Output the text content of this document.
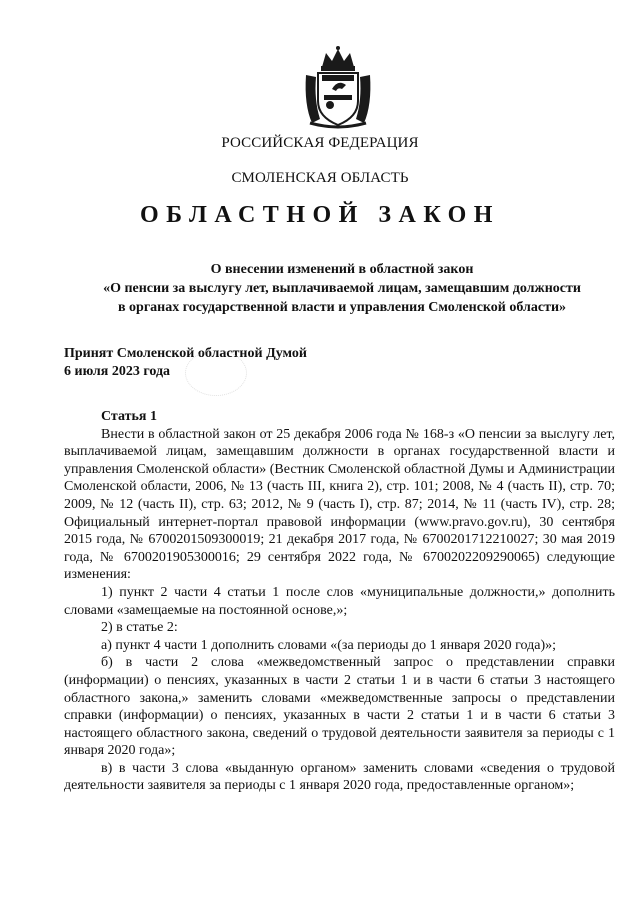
РОССИЙСКАЯ ФЕДЕРАЦИЯ
СМОЛЕНСКАЯ ОБЛАСТЬ
ОБЛАСТНОЙ ЗАКОН
О внесении изменений в областной закон
«О пенсии за выслугу лет, выплачиваемой лицам, замещавшим должности
в органах государственной власти и управления Смоленской области»
Принят Смоленской областной Думой
6 июля 2023 года

Статья 1

Внести в областной закон от 25 декабря 2006 года № 168-з «О пенсии за выслугу лет, выплачиваемой лицам, замещавшим должности в органах государственной власти и управления Смоленской области» (Вестник Смоленской областной Думы и Администрации Смоленской области, 2006, № 13 (часть III, книга 2), стр. 101; 2008, № 4 (часть II), стр. 70; 2009, № 12 (часть II), стр. 63; 2012, № 9 (часть I), стр. 87; 2014, № 11 (часть IV), стр. 28; Официальный интернет-портал правовой информации (www.pravo.gov.ru), 30 сентября 2015 года, № 6700201509300019; 21 декабря 2017 года, № 6700201712210027; 30 мая 2019 года, № 6700201905300016; 29 сентября 2022 года, № 6700202209290065) следующие изменения:

1) пункт 2 части 4 статьи 1 после слов «муниципальные должности,» дополнить словами «замещаемые на постоянной основе,»;

2) в статье 2:

а) пункт 4 части 1 дополнить словами «(за периоды до 1 января 2020 года)»;

б) в части 2 слова «межведомственный запрос о представлении справки (информации) о пенсиях, указанных в части 2 статьи 1 и в части 6 статьи 3 настоящего областного закона,» заменить словами «межведомственные запросы о представлении справки (информации) о пенсиях, указанных в части 2 статьи 1 и в части 6 статьи 3 настоящего областного закона, сведений о трудовой деятельности заявителя за периоды с 1 января 2020 года»;

в) в части 3 слова «выданную органом» заменить словами «сведения о трудовой деятельности заявителя за периоды с 1 января 2020 года, предоставленные органом»;
